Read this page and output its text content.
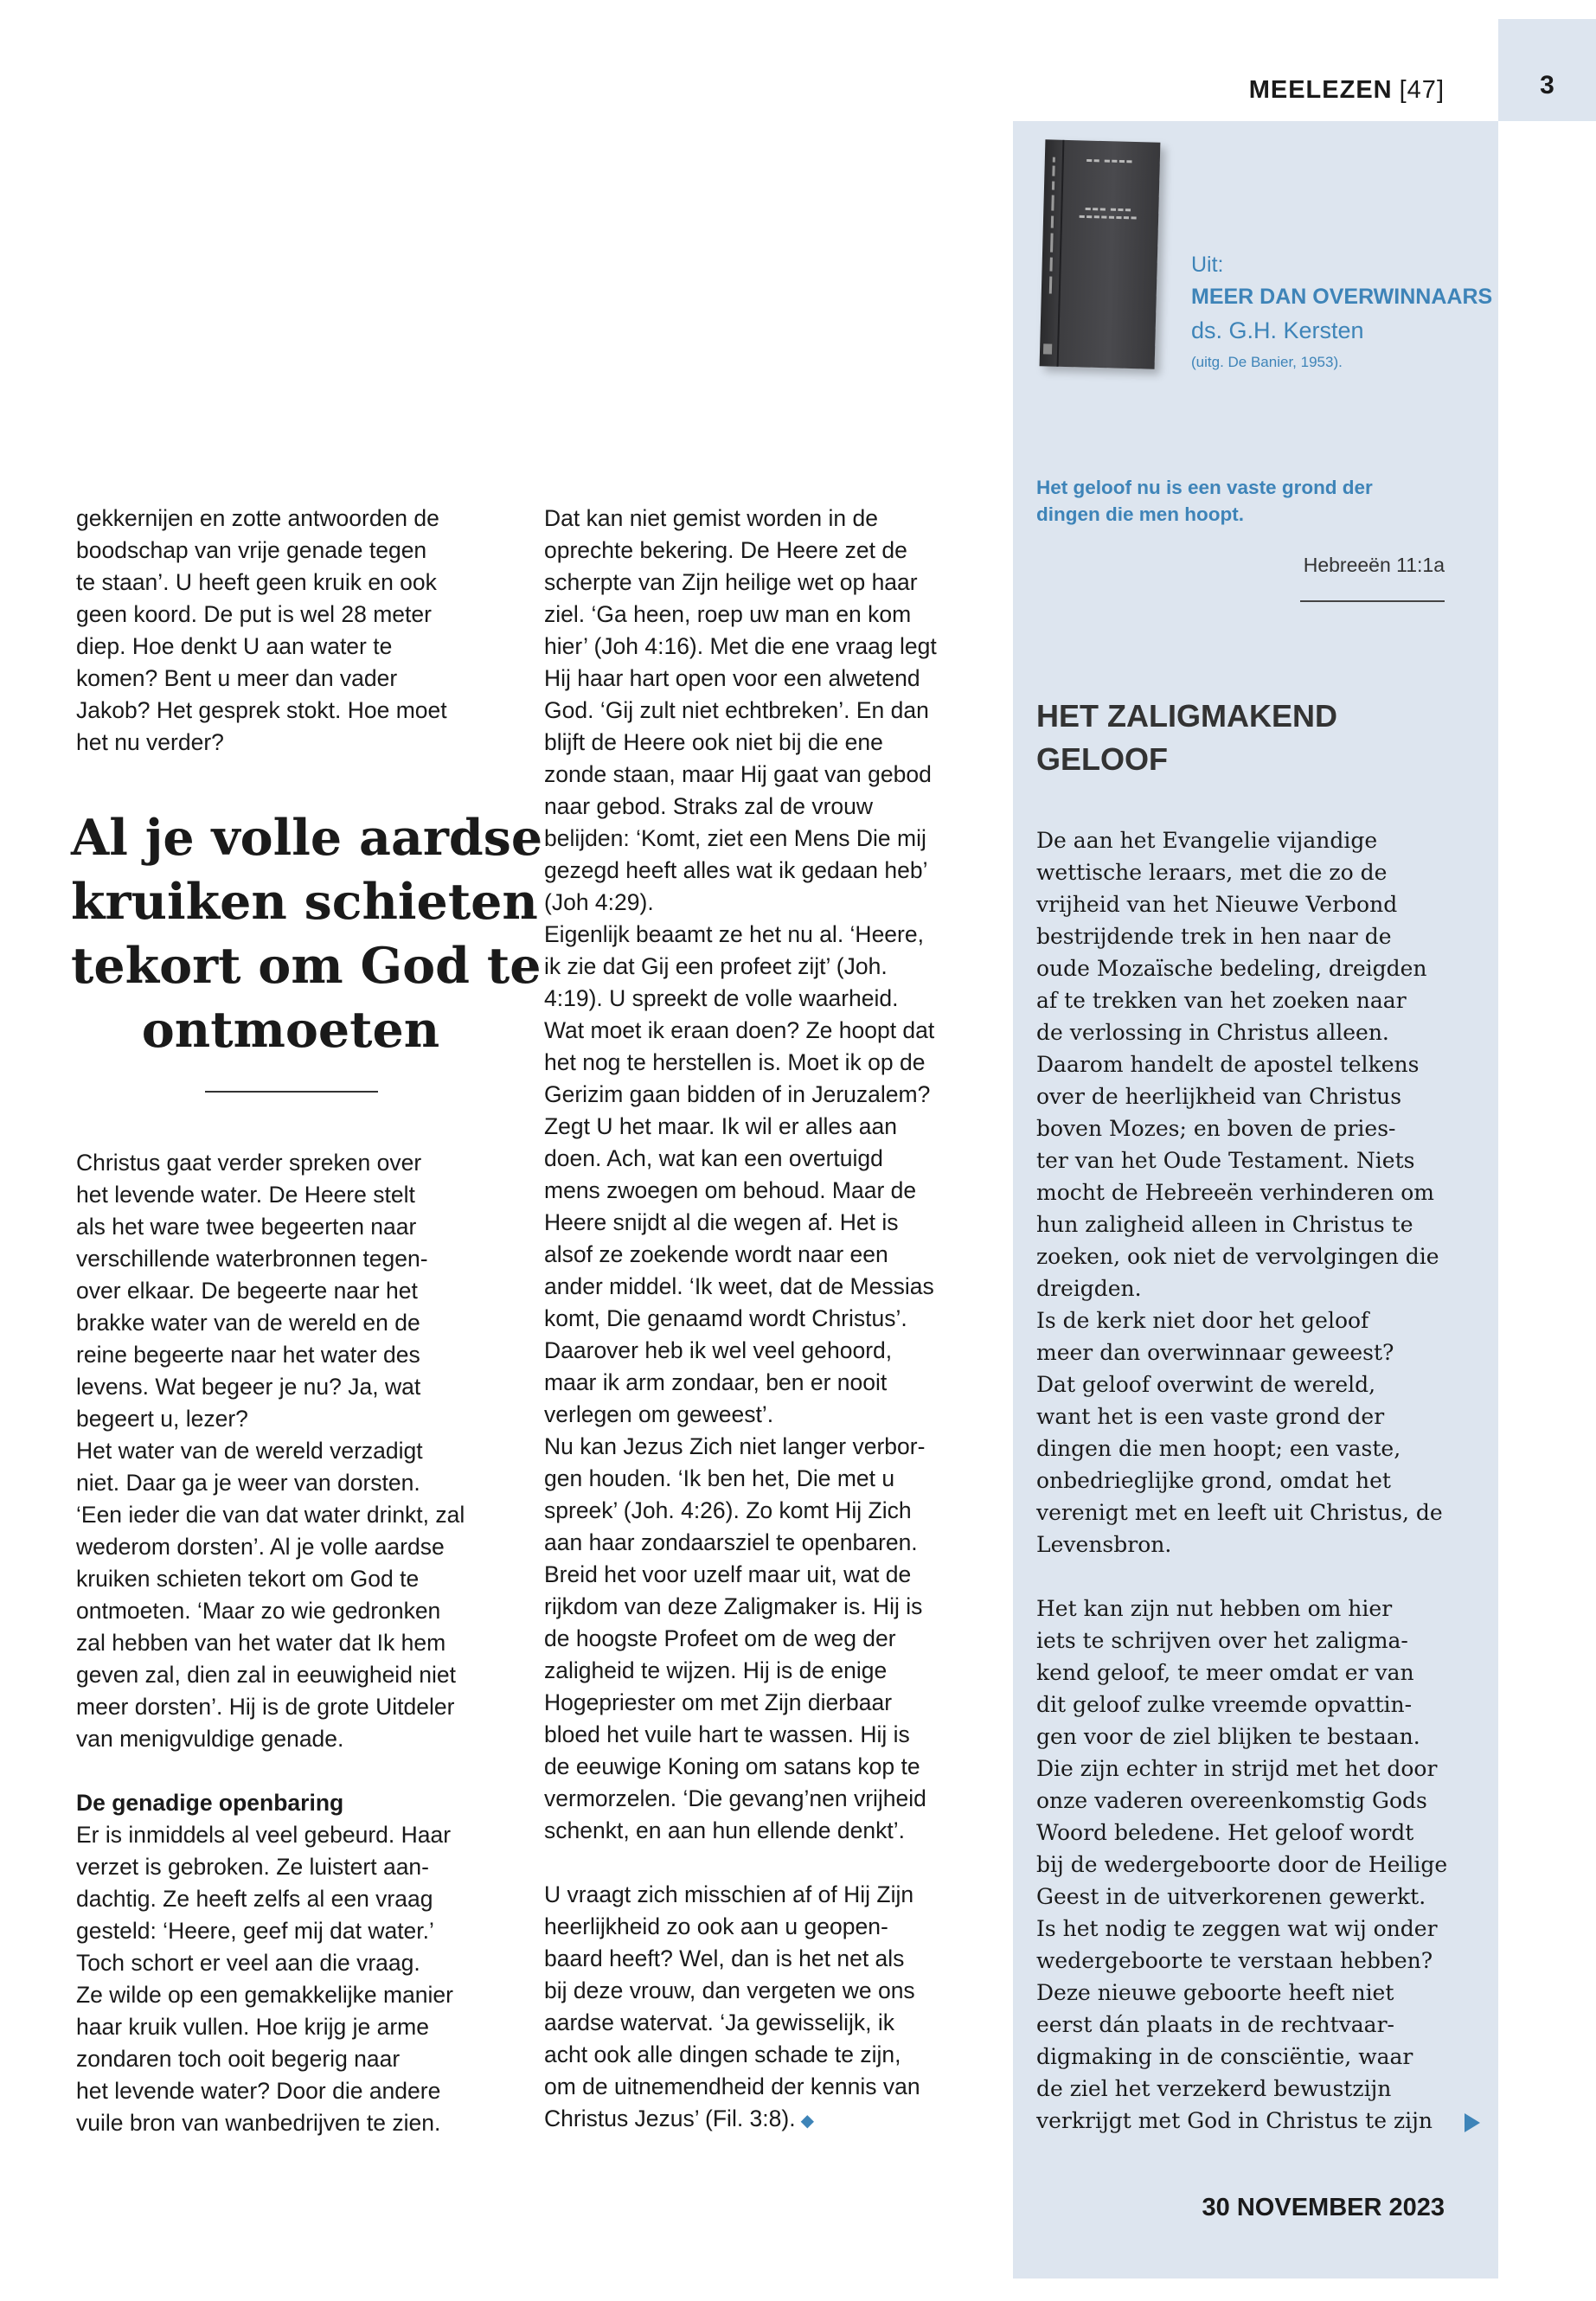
3
MEELEZEN [47]
▬▬ ▬▬▬▬
▬▬▬ ▬▬▬
▬▬▬▬▬▬▬▬
Uit:
MEER DAN OVERWINNAARS
ds. G.H. Kersten
(uitg. De Banier, 1953).

gekkernijen en zotte antwoorden de

boodschap van vrije genade tegen

te staan’. U heeft geen kruik en ook

geen koord. De put is wel 28 meter

diep. Hoe denkt U aan water te

komen? Bent u meer dan vader

Jakob? Het gesprek stokt. Hoe moet

het nu verder?

Al je volle aardse

kruiken schieten

tekort om God te

ontmoeten

Christus gaat verder spreken over

het levende water. De Heere stelt

als het ware twee begeerten naar

verschillende waterbronnen tegen-

over elkaar. De begeerte naar het

brakke water van de wereld en de

reine begeerte naar het water des

levens. Wat begeer je nu? Ja, wat

begeert u, lezer?

Het water van de wereld verzadigt

niet. Daar ga je weer van dorsten.

‘Een ieder die van dat water drinkt, zal

wederom dorsten’. Al je volle aardse

kruiken schieten tekort om God te

ontmoeten. ‘Maar zo wie gedronken

zal hebben van het water dat Ik hem

geven zal, dien zal in eeuwigheid niet

meer dorsten’. Hij is de grote Uitdeler

van menigvuldige genade.

De genadige openbaring

Er is inmiddels al veel gebeurd. Haar

verzet is gebroken. Ze luistert aan-

dachtig. Ze heeft zelfs al een vraag

gesteld: ‘Heere, geef mij dat water.’

Toch schort er veel aan die vraag.

Ze wilde op een gemakkelijke manier

haar kruik vullen. Hoe krijg je arme

zondaren toch ooit begerig naar

het levende water? Door die andere

vuile bron van wanbedrijven te zien.

Dat kan niet gemist worden in de

oprechte bekering. De Heere zet de

scherpte van Zijn heilige wet op haar

ziel. ‘Ga heen, roep uw man en kom

hier’ (Joh 4:16). Met die ene vraag legt

Hij haar hart open voor een alwetend

God. ‘Gij zult niet echtbreken’. En dan

blijft de Heere ook niet bij die ene

zonde staan, maar Hij gaat van gebod

naar gebod. Straks zal de vrouw

belijden: ‘Komt, ziet een Mens Die mij

gezegd heeft alles wat ik gedaan heb’

(Joh 4:29).

Eigenlijk beaamt ze het nu al. ‘Heere,

ik zie dat Gij een profeet zijt’ (Joh.

4:19). U spreekt de volle waarheid.

Wat moet ik eraan doen? Ze hoopt dat

het nog te herstellen is. Moet ik op de

Gerizim gaan bidden of in Jeruzalem?

Zegt U het maar. Ik wil er alles aan

doen. Ach, wat kan een overtuigd

mens zwoegen om behoud. Maar de

Heere snijdt al die wegen af. Het is

alsof ze zoekende wordt naar een

ander middel. ‘Ik weet, dat de Messias

komt, Die genaamd wordt Christus’.

Daarover heb ik wel veel gehoord,

maar ik arm zondaar, ben er nooit

verlegen om geweest’.

Nu kan Jezus Zich niet langer verbor-

gen houden. ‘Ik ben het, Die met u

spreek’ (Joh. 4:26). Zo komt Hij Zich

aan haar zondaarsziel te openbaren.

Breid het voor uzelf maar uit, wat de

rijkdom van deze Zaligmaker is. Hij is

de hoogste Profeet om de weg der

zaligheid te wijzen. Hij is de enige

Hogepriester om met Zijn dierbaar

bloed het vuile hart te wassen. Hij is

de eeuwige Koning om satans kop te

vermorzelen. ‘Die gevang’nen vrijheid

schenkt, en aan hun ellende denkt’.

U vraagt zich misschien af of Hij Zijn

heerlijkheid zo ook aan u geopen-

baard heeft? Wel, dan is het net als

bij deze vrouw, dan vergeten we ons

aardse watervat. ‘Ja gewisselijk, ik

acht ook alle dingen schade te zijn,

om de uitnemendheid der kennis van

Christus Jezus’ (Fil. 3:8). ◆

Het geloof nu is een vaste grond der

dingen die men hoopt.

Hebreeën 11:1a

HET ZALIGMAKEND

GELOOF

De aan het Evangelie vijandige

wettische leraars, met die zo de

vrijheid van het Nieuwe Verbond

bestrijdende trek in hen naar de

oude Mozaïsche bedeling, dreigden

af te trekken van het zoeken naar

de verlossing in Christus alleen.

Daarom handelt de apostel telkens

over de heerlijkheid van Christus

boven Mozes; en boven de pries-

ter van het Oude Testament. Niets

mocht de Hebreeën verhinderen om

hun zaligheid alleen in Christus te

zoeken, ook niet de vervolgingen die

dreigden.

Is de kerk niet door het geloof

meer dan overwinnaar geweest?

Dat geloof overwint de wereld,

want het is een vaste grond der

dingen die men hoopt; een vaste,

onbedrieglijke grond, omdat het

verenigt met en leeft uit Christus, de

Levensbron.

Het kan zijn nut hebben om hier

iets te schrijven over het zaligma-

kend geloof, te meer omdat er van

dit geloof zulke vreemde opvattin-

gen voor de ziel blijken te bestaan.

Die zijn echter in strijd met het door

onze vaderen overeenkomstig Gods

Woord beledene. Het geloof wordt

bij de wedergeboorte door de Heilige

Geest in de uitverkorenen gewerkt.

Is het nodig te zeggen wat wij onder

wedergeboorte te verstaan hebben?

Deze nieuwe geboorte heeft niet

eerst dán plaats in de rechtvaar-

digmaking in de consciëntie, waar

de ziel het verzekerd bewustzijn

verkrijgt met God in Christus te zijn

30 NOVEMBER 2023
